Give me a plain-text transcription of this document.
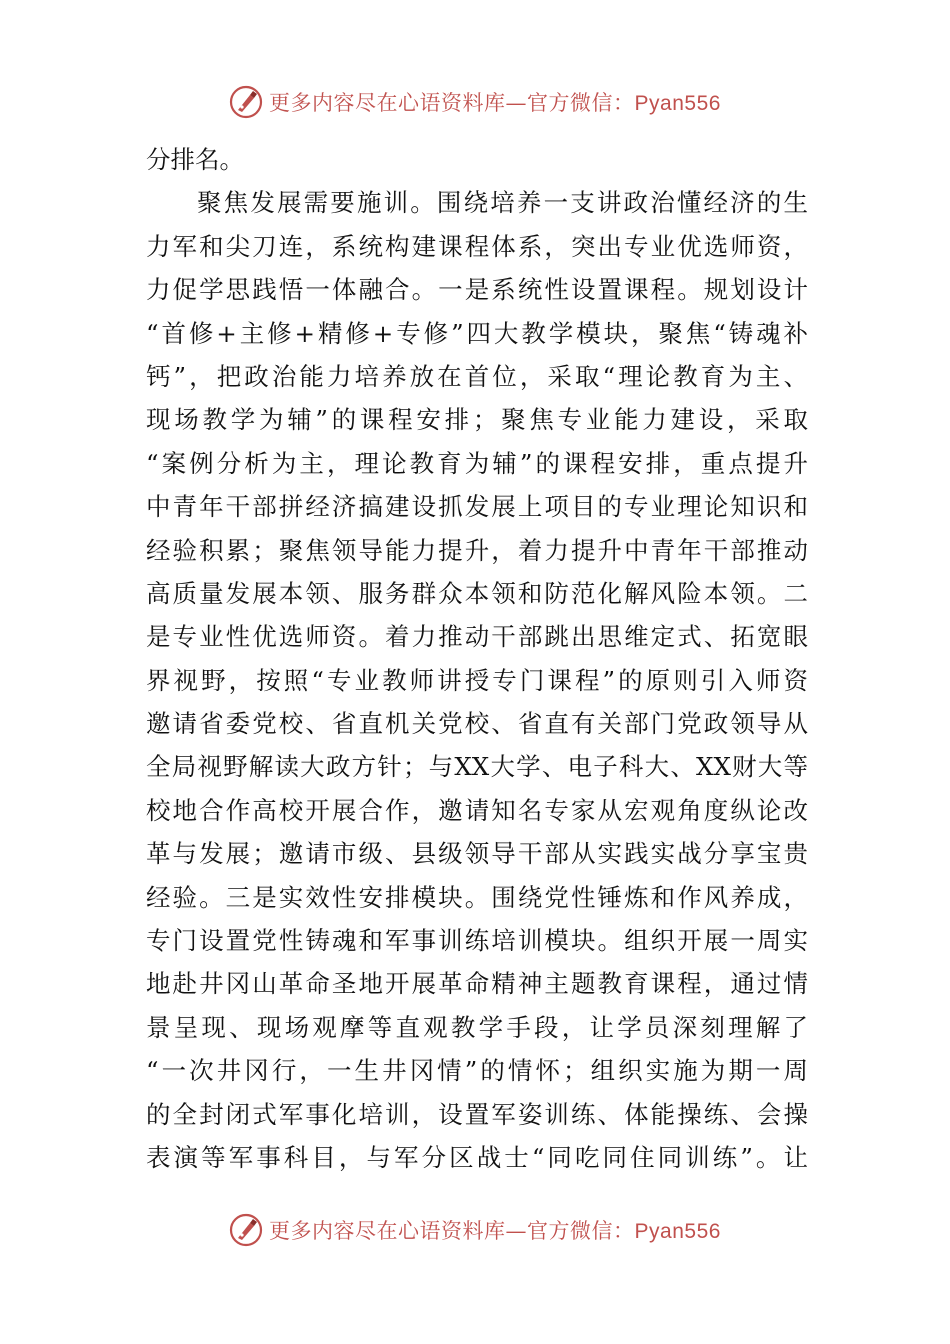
更多内容尽在心语资料库—官方微信：Pyan556
分排名。
聚焦发展需要施训。围绕培养一支讲政治懂经济的生
力军和尖刀连，系统构建课程体系，突出专业优选师资，
力促学思践悟一体融合。一是系统性设置课程。规划设计
“首修+主修+精修+专修”四大教学模块，聚焦“铸魂补
钙”，把政治能力培养放在首位，采取“理论教育为主、
现场教学为辅”的课程安排；聚焦专业能力建设，采取
“案例分析为主，理论教育为辅”的课程安排，重点提升
中青年干部拼经济搞建设抓发展上项目的专业理论知识和
经验积累；聚焦领导能力提升，着力提升中青年干部推动
高质量发展本领、服务群众本领和防范化解风险本领。二
是专业性优选师资。着力推动干部跳出思维定式、拓宽眼
界视野，按照“专业教师讲授专门课程”的原则引入师资
邀请省委党校、省直机关党校、省直有关部门党政领导从
全局视野解读大政方针；与XX大学、电子科大、XX财大等
校地合作高校开展合作，邀请知名专家从宏观角度纵论改
革与发展；邀请市级、县级领导干部从实践实战分享宝贵
经验。三是实效性安排模块。围绕党性锤炼和作风养成，
专门设置党性铸魂和军事训练培训模块。组织开展一周实
地赴井冈山革命圣地开展革命精神主题教育课程，通过情
景呈现、现场观摩等直观教学手段，让学员深刻理解了
“一次井冈行，一生井冈情”的情怀；组织实施为期一周
的全封闭式军事化培训，设置军姿训练、体能操练、会操
表演等军事科目，与军分区战士“同吃同住同训练”。让
更多内容尽在心语资料库—官方微信：Pyan556
